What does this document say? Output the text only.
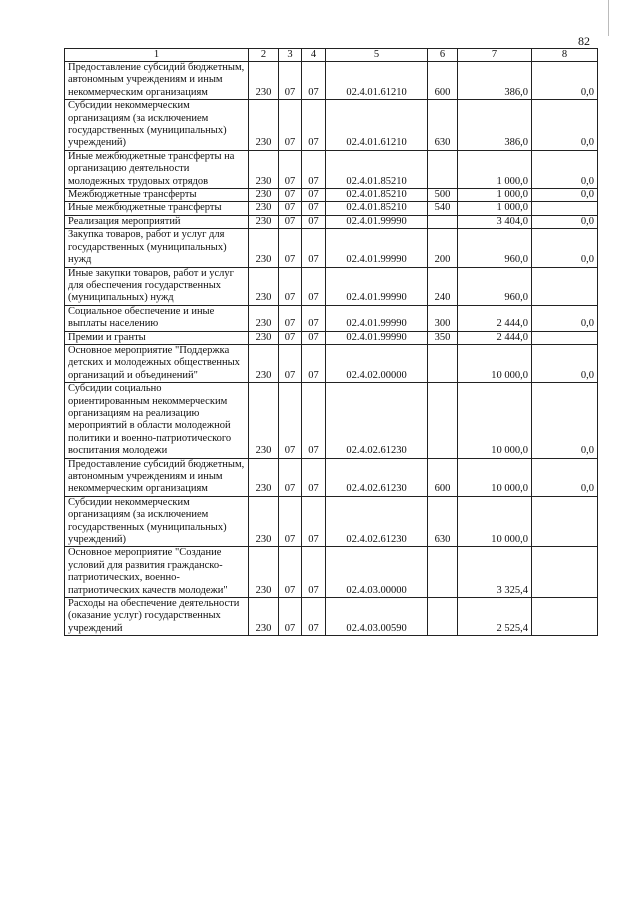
82
1	2	3	4	5	6	7	8
Предоставление субсидий бюджетным, автономным учреждениям и иным некоммерческим организациям	230	07	07	02.4.01.61210	600	386,0	0,0
Субсидии некоммерческим организациям (за исключением государственных (муниципальных) учреждений)	230	07	07	02.4.01.61210	630	386,0	0,0
Иные межбюджетные трансферты на организацию деятельности молодежных трудовых отрядов	230	07	07	02.4.01.85210		1 000,0	0,0
Межбюджетные трансферты	230	07	07	02.4.01.85210	500	1 000,0	0,0
Иные межбюджетные трансферты	230	07	07	02.4.01.85210	540	1 000,0	
Реализация мероприятий	230	07	07	02.4.01.99990		3 404,0	0,0
Закупка товаров, работ и услуг для государственных (муниципальных) нужд	230	07	07	02.4.01.99990	200	960,0	0,0
Иные закупки товаров, работ и услуг для обеспечения государственных (муниципальных) нужд	230	07	07	02.4.01.99990	240	960,0	
Социальное обеспечение и иные выплаты населению	230	07	07	02.4.01.99990	300	2 444,0	0,0
Премии и гранты	230	07	07	02.4.01.99990	350	2 444,0	
Основное мероприятие "Поддержка детских и молодежных общественных организаций и объединений"	230	07	07	02.4.02.00000		10 000,0	0,0
Субсидии социально ориентированным некоммерческим организациям на реализацию мероприятий в области молодежной политики и военно-патриотического воспитания молодежи	230	07	07	02.4.02.61230		10 000,0	0,0
Предоставление субсидий бюджетным, автономным учреждениям и иным некоммерческим организациям	230	07	07	02.4.02.61230	600	10 000,0	0,0
Субсидии некоммерческим организациям (за исключением государственных (муниципальных) учреждений)	230	07	07	02.4.02.61230	630	10 000,0	
Основное мероприятие "Создание условий для развития гражданско-патриотических, военно-патриотических качеств молодежи"	230	07	07	02.4.03.00000		3 325,4	
Расходы на обеспечение деятельности (оказание услуг) государственных учреждений	230	07	07	02.4.03.00590		2 525,4	
